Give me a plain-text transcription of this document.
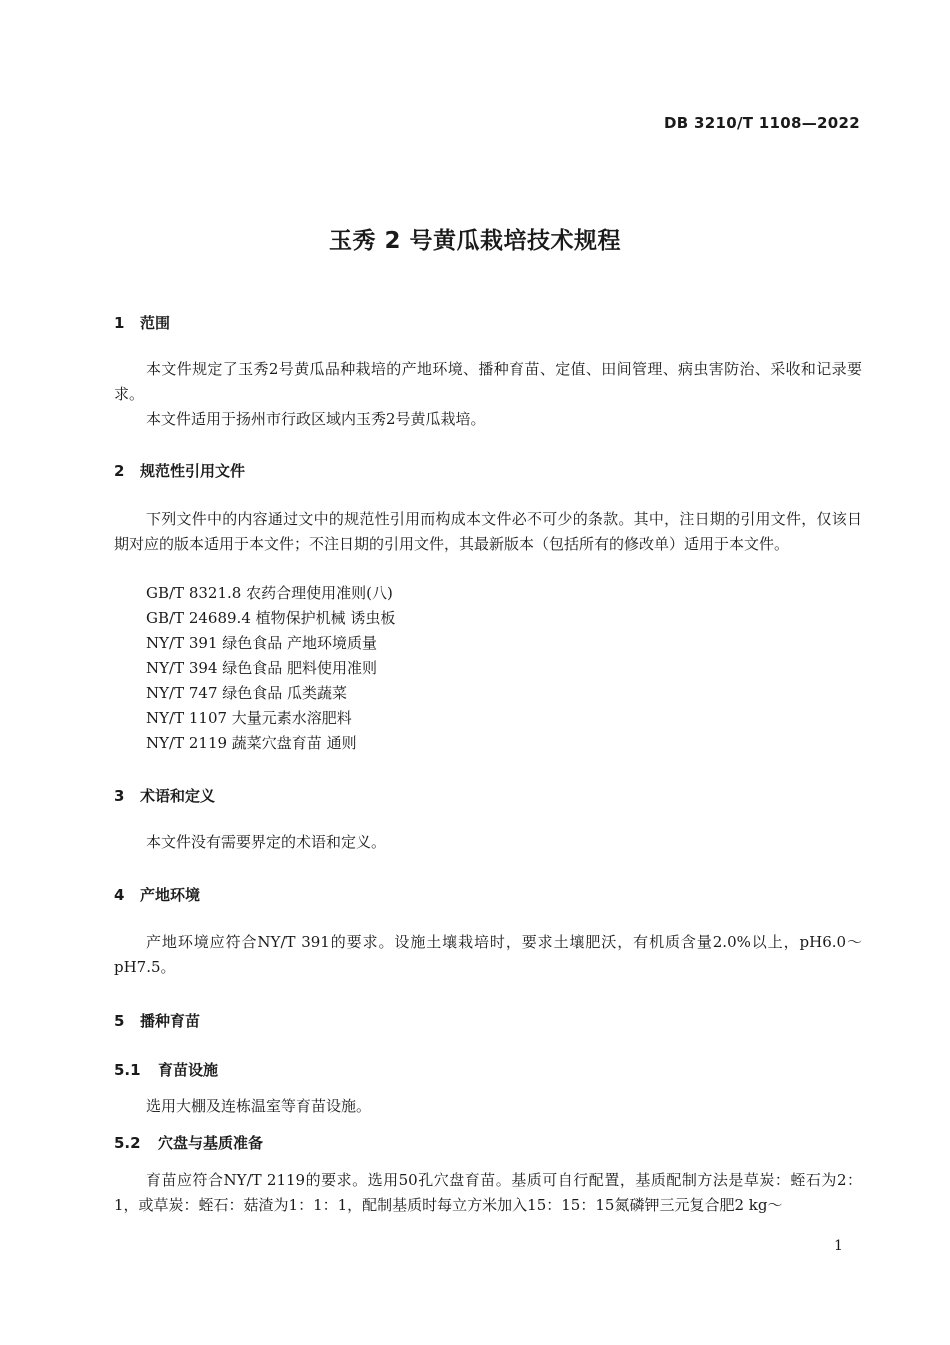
DB 3210/T 1108—2022
玉秀 2 号黄瓜栽培技术规程
1 范围
本文件规定了玉秀2号黄瓜品种栽培的产地环境、播种育苗、定值、田间管理、病虫害防治、采收和记录要求。
本文件适用于扬州市行政区域内玉秀2号黄瓜栽培。
2 规范性引用文件
下列文件中的内容通过文中的规范性引用而构成本文件必不可少的条款。其中，注日期的引用文件，仅该日期对应的版本适用于本文件；不注日期的引用文件，其最新版本（包括所有的修改单）适用于本文件。
GB/T 8321.8 农药合理使用准则(八)
GB/T 24689.4 植物保护机械 诱虫板
NY/T 391 绿色食品 产地环境质量
NY/T 394 绿色食品 肥料使用准则
NY/T 747 绿色食品 瓜类蔬菜
NY/T 1107 大量元素水溶肥料
NY/T 2119 蔬菜穴盘育苗 通则
3 术语和定义
本文件没有需要界定的术语和定义。
4 产地环境
产地环境应符合NY/T 391的要求。设施土壤栽培时，要求土壤肥沃，有机质含量2.0%以上，pH6.0～pH7.5。
5 播种育苗
5.1 育苗设施
选用大棚及连栋温室等育苗设施。
5.2 穴盘与基质准备
育苗应符合NY/T 2119的要求。选用50孔穴盘育苗。基质可自行配置，基质配制方法是草炭：蛭石为2：1，或草炭：蛭石：菇渣为1：1：1，配制基质时每立方米加入15：15：15氮磷钾三元复合肥2 kg～
1
